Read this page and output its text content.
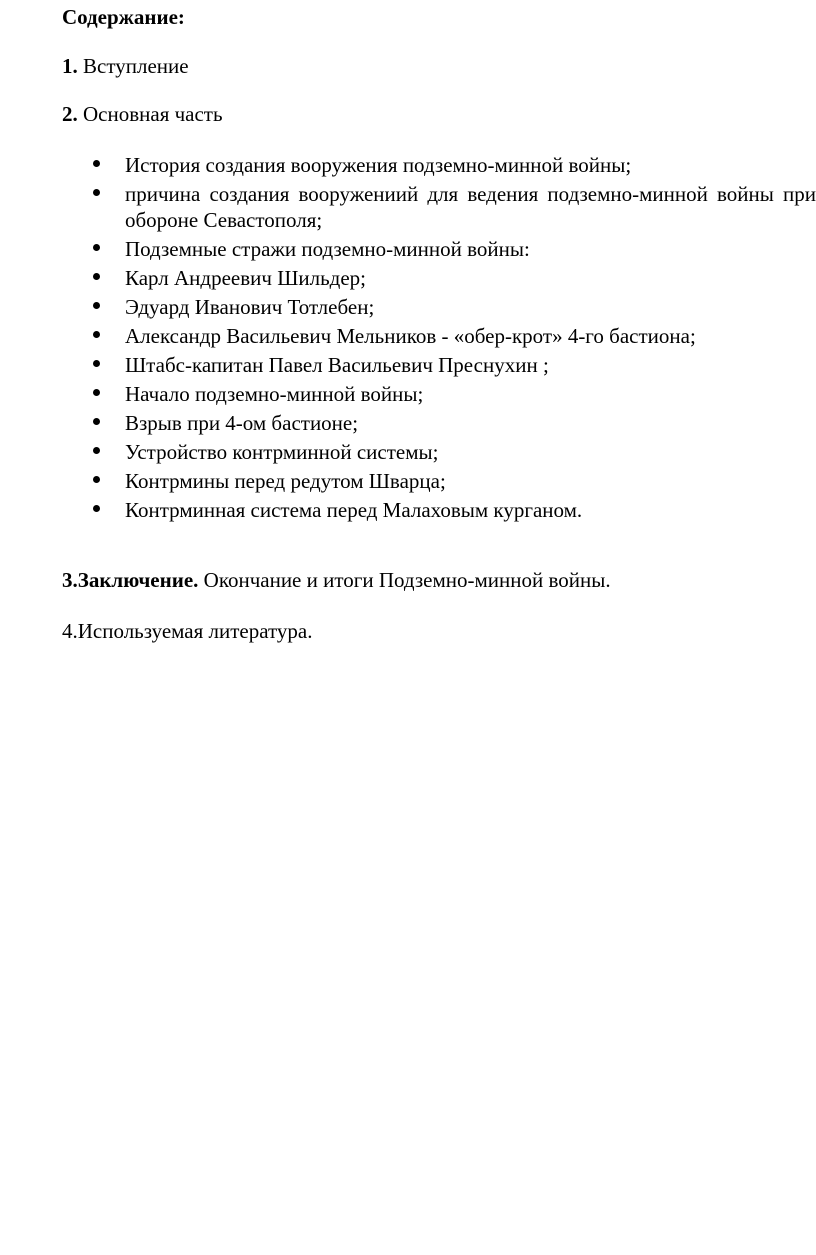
Содержание:
1. Вступление
2. Основная часть
История создания вооружения подземно-минной войны;
причина создания вооружениий для ведения подземно-минной войны при обороне Севастополя;
Подземные стражи подземно-минной войны:
Карл Андреевич Шильдер;
Эдуард Иванович Тотлебен;
Александр Васильевич Мельников - «обер-крот» 4-го бастиона;
Штабс-капитан Павел Васильевич Преснухин ;
Начало подземно-минной войны;
Взрыв при 4-ом бастионе;
Устройство контрминной системы;
Контрмины перед редутом Шварца;
Контрминная система перед Малаховым курганом.
3.Заключение. Окончание и итоги Подземно-минной войны.
4.Используемая литература.
